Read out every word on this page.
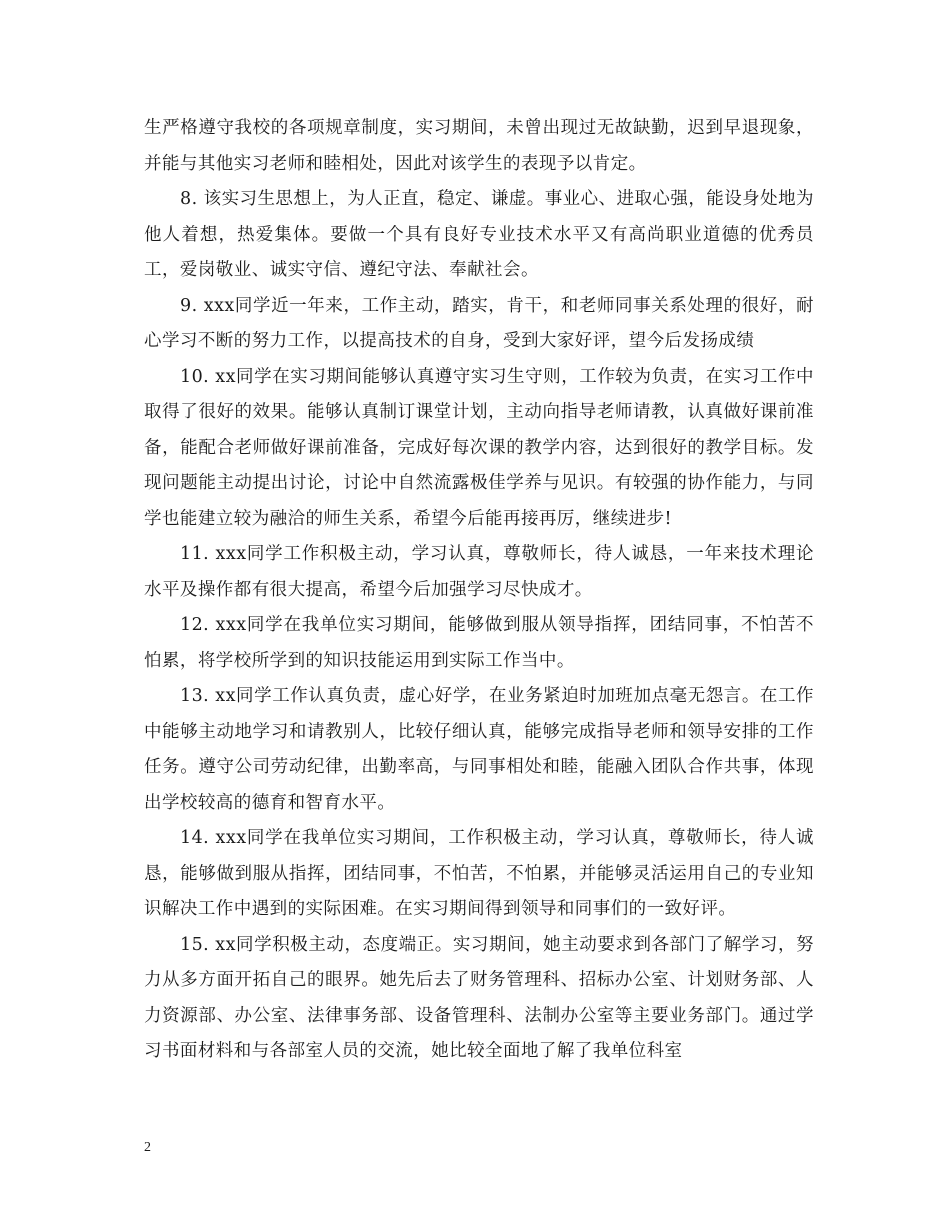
生严格遵守我校的各项规章制度，实习期间，未曾出现过无故缺勤，迟到早退现象，并能与其他实习老师和睦相处，因此对该学生的表现予以肯定。

8. 该实习生思想上，为人正直，稳定、谦虚。事业心、进取心强，能设身处地为他人着想，热爱集体。要做一个具有良好专业技术水平又有高尚职业道德的优秀员工，爱岗敬业、诚实守信、遵纪守法、奉献社会。

9. xxx同学近一年来，工作主动，踏实，肯干，和老师同事关系处理的很好，耐心学习不断的努力工作，以提高技术的自身，受到大家好评，望今后发扬成绩

10. xx同学在实习期间能够认真遵守实习生守则，工作较为负责，在实习工作中取得了很好的效果。能够认真制订课堂计划，主动向指导老师请教，认真做好课前准备，能配合老师做好课前准备，完成好每次课的教学内容，达到很好的教学目标。发现问题能主动提出讨论，讨论中自然流露极佳学养与见识。有较强的协作能力，与同学也能建立较为融洽的师生关系，希望今后能再接再厉，继续进步!

11. xxx同学工作积极主动，学习认真，尊敬师长，待人诚恳，一年来技术理论水平及操作都有很大提高，希望今后加强学习尽快成才。

12. xxx同学在我单位实习期间，能够做到服从领导指挥，团结同事，不怕苦不怕累，将学校所学到的知识技能运用到实际工作当中。

13. xx同学工作认真负责，虚心好学，在业务紧迫时加班加点毫无怨言。在工作中能够主动地学习和请教别人，比较仔细认真，能够完成指导老师和领导安排的工作任务。遵守公司劳动纪律，出勤率高，与同事相处和睦，能融入团队合作共事，体现出学校较高的德育和智育水平。

14. xxx同学在我单位实习期间，工作积极主动，学习认真，尊敬师长，待人诚恳，能够做到服从指挥，团结同事，不怕苦，不怕累，并能够灵活运用自己的专业知识解决工作中遇到的实际困难。在实习期间得到领导和同事们的一致好评。

15. xx同学积极主动，态度端正。实习期间，她主动要求到各部门了解学习，努力从多方面开拓自己的眼界。她先后去了财务管理科、招标办公室、计划财务部、人力资源部、办公室、法律事务部、设备管理科、法制办公室等主要业务部门。通过学习书面材料和与各部室人员的交流，她比较全面地了解了我单位科室

2
